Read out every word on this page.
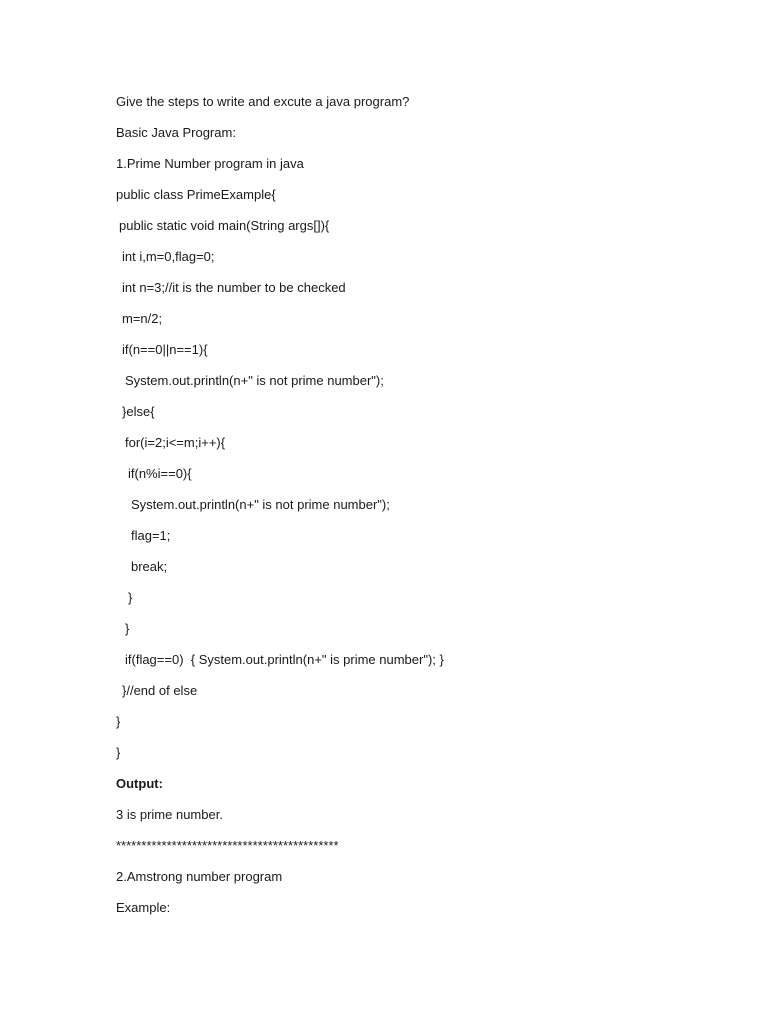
Give the steps to write and excute a java program?
Basic Java Program:
1.Prime Number program in java
public class PrimeExample{
public static void main(String args[]){
int i,m=0,flag=0;
int n=3;//it is the number to be checked
m=n/2;
if(n==0||n==1){
System.out.println(n+" is not prime number");
}else{
for(i=2;i<=m;i++){
if(n%i==0){
System.out.println(n+" is not prime number");
flag=1;
break;
}
}
if(flag==0)  { System.out.println(n+" is prime number"); }
}//end of else
}
}
Output:
3 is prime number.
********************************************
2.Amstrong number program
Example:
